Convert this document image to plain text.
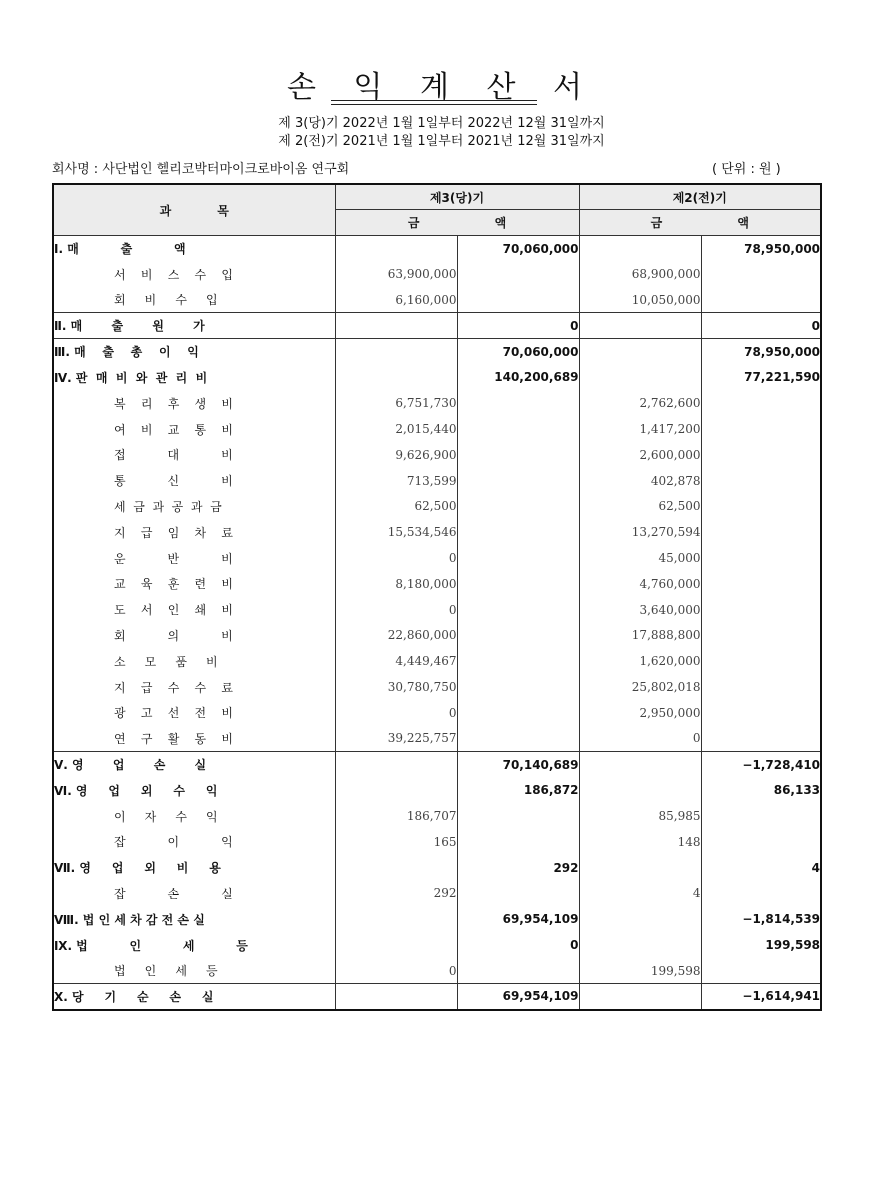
손 익 계 산 서
제 3(당)기 2022년 1월 1일부터 2022년 12월 31일까지
제 2(전)기 2021년 1월 1일부터 2021년 12월 31일까지
회사명 : 사단법인 헬리코박터마이크로바이옴 연구회	( 단위 : 원 )
과           목	제3(당)기		제2(전)기	
	금                  액		금                  액	
Ⅰ. 매          출          액		70,060,000		78,950,000
서    비    스    수    입	63,900,000		68,900,000	
회     비     수     입	6,160,000		10,050,000	
Ⅱ. 매       출       원       가		0		0
Ⅲ. 매    출    총    이    익		70,060,000		78,950,000
Ⅳ. 판  매  비  와  관  리  비		140,200,689		77,221,590
복    리    후    생    비	6,751,730		2,762,600	
여    비    교    통    비	2,015,440		1,417,200	
접           대           비	9,626,900		2,600,000	
통           신           비	713,599		402,878	
세  금  과  공  과  금	62,500		62,500	
지    급    임    차    료	15,534,546		13,270,594	
운           반           비	0		45,000	
교    육    훈    련    비	8,180,000		4,760,000	
도    서    인    쇄    비	0		3,640,000	
회           의           비	22,860,000		17,888,800	
소     모     품     비	4,449,467		1,620,000	
지    급    수    수    료	30,780,750		25,802,018	
광    고    선    전    비	0		2,950,000	
연    구    활    동    비	39,225,757		0	
Ⅴ. 영       업       손       실		70,140,689		−1,728,410
Ⅵ. 영     업     외     수     익		186,872		86,133
이     자     수     익	186,707		85,985	
잡           이           익	165		148	
Ⅶ. 영     업     외     비     용		292		4
잡           손           실	292		4	
Ⅷ. 법 인 세 차 감 전 손 실		69,954,109		−1,814,539
Ⅸ. 법          인          세          등		0		199,598
법     인     세     등	0		199,598	
Ⅹ. 당     기     순     손     실		69,954,109		−1,614,941
